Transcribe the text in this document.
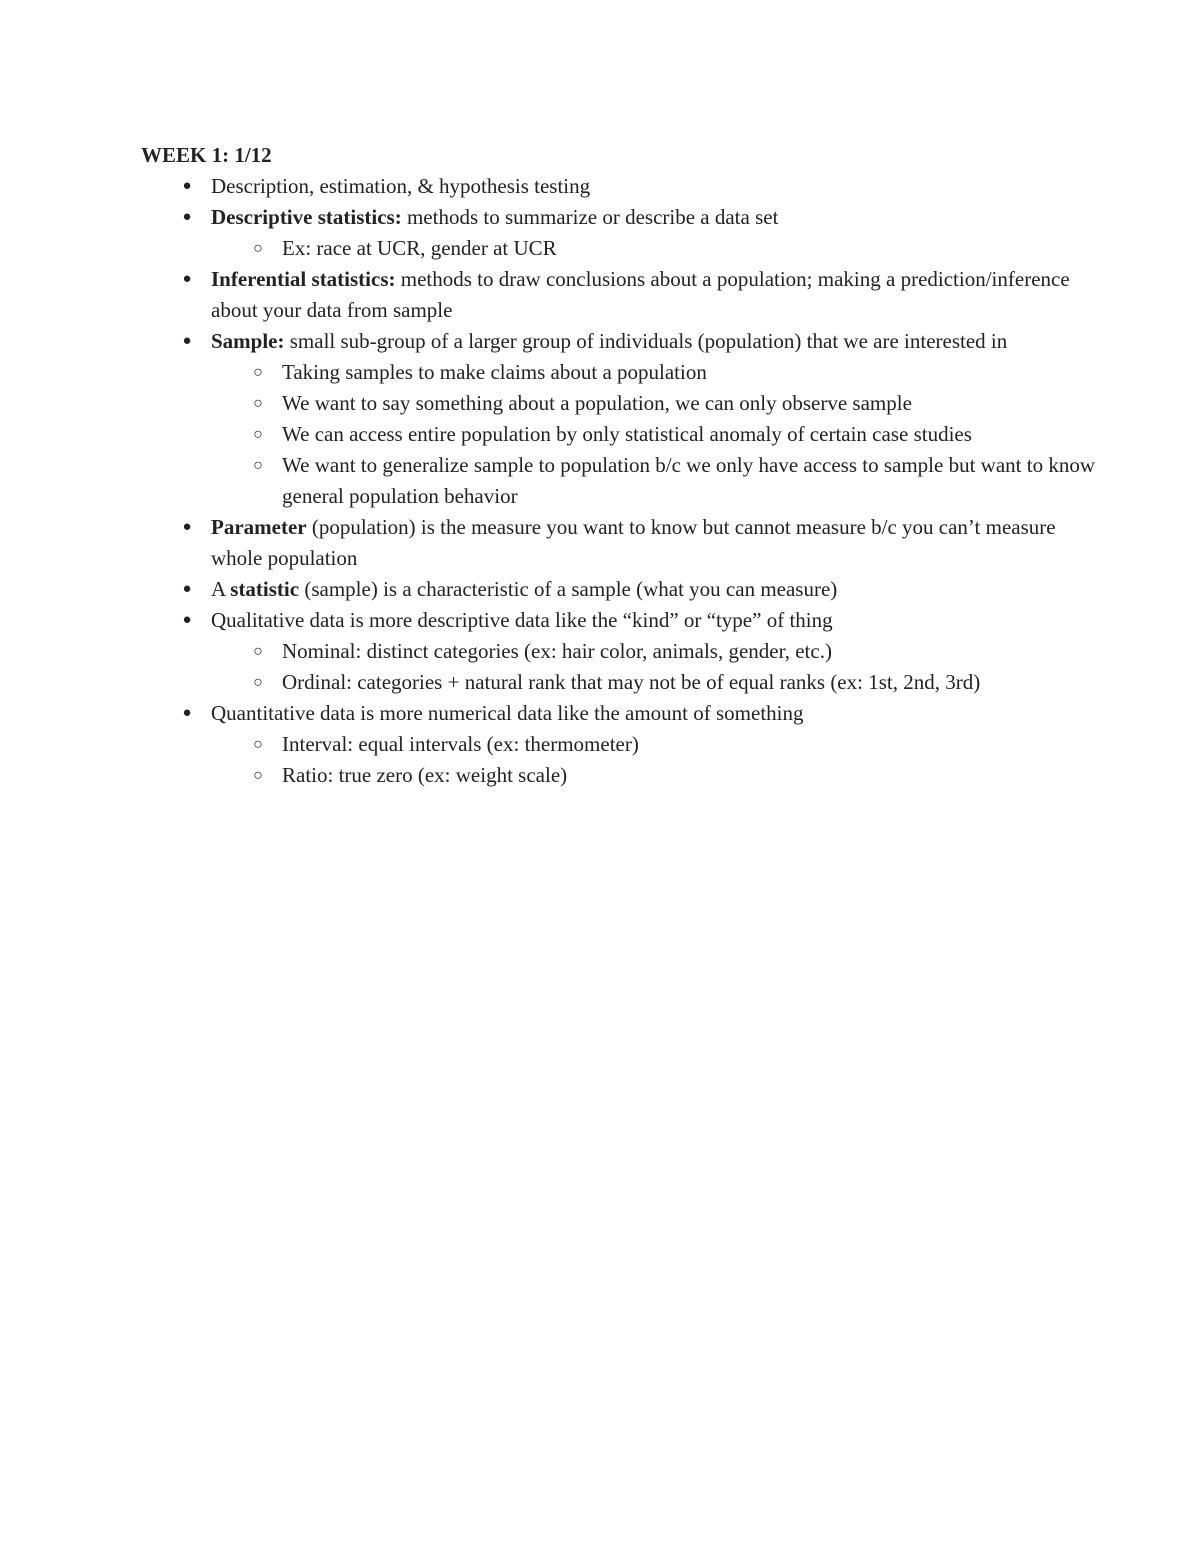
WEEK 1: 1/12
● Description, estimation, & hypothesis testing
● Descriptive statistics: methods to summarize or describe a data set
○ Ex: race at UCR, gender at UCR
● Inferential statistics: methods to draw conclusions about a population; making a prediction/inference about your data from sample
● Sample: small sub-group of a larger group of individuals (population) that we are interested in
○ Taking samples to make claims about a population
○ We want to say something about a population, we can only observe sample
○ We can access entire population by only statistical anomaly of certain case studies
○ We want to generalize sample to population b/c we only have access to sample but want to know general population behavior
● Parameter (population) is the measure you want to know but cannot measure b/c you can’t measure whole population
● A statistic (sample) is a characteristic of a sample (what you can measure)
● Qualitative data is more descriptive data like the “kind” or “type” of thing
○ Nominal: distinct categories (ex: hair color, animals, gender, etc.)
○ Ordinal: categories + natural rank that may not be of equal ranks (ex: 1st, 2nd, 3rd)
● Quantitative data is more numerical data like the amount of something
○ Interval: equal intervals (ex: thermometer)
○ Ratio: true zero (ex: weight scale)
